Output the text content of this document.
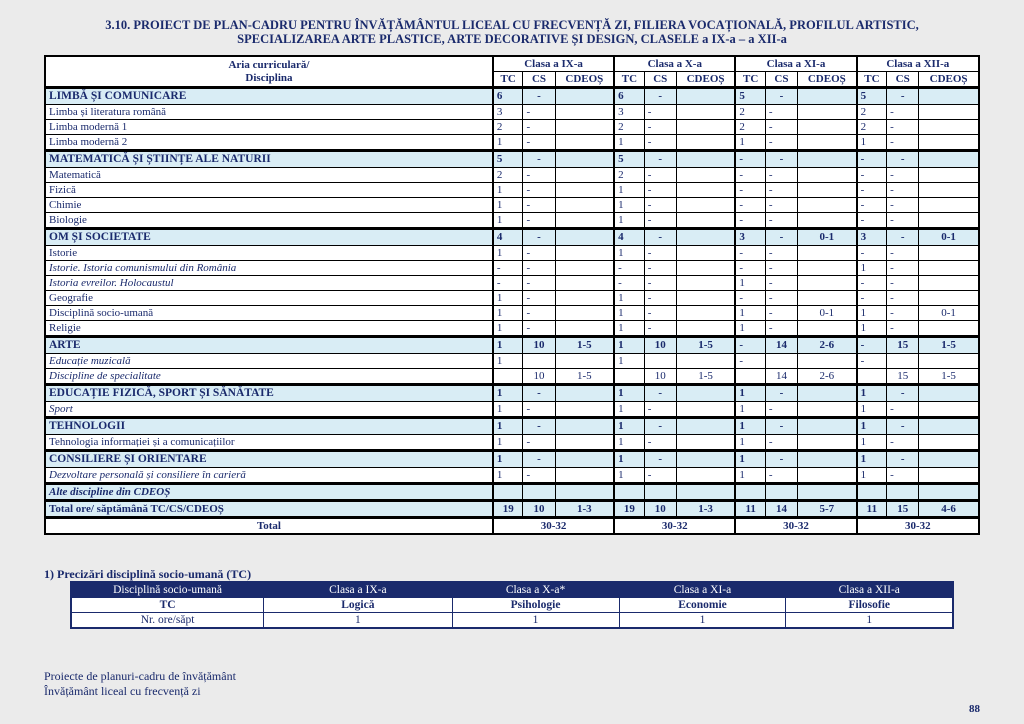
3.10. PROIECT DE PLAN-CADRU PENTRU ÎNVĂȚĂMÂNTUL LICEAL CU FRECVENȚĂ ZI, FILIERA VOCAȚIONALĂ, PROFILUL ARTISTIC,
SPECIALIZAREA ARTE PLASTICE, ARTE DECORATIVE ȘI DESIGN, CLASELE a IX-a – a XII-a
Aria curriculară/
Disciplina	Clasa a IX-a			Clasa a X-a			Clasa a XI-a			Clasa a XII-a		
	TC	CS	CDEOȘ	TC	CS	CDEOȘ	TC	CS	CDEOȘ	TC	CS	CDEOȘ
LIMBĂ ȘI COMUNICARE	6	-		6	-		5	-		5	-	
Limba și literatura română	3	-		3	-		2	-		2	-	
Limba modernă 1	2	-		2	-		2	-		2	-	
Limba modernă 2	1	-		1	-		1	-		1	-	
MATEMATICĂ ȘI ȘTIINȚE ALE NATURII	5	-		5	-		-	-		-	-	
Matematică	2	-		2	-		-	-		-	-	
Fizică	1	-		1	-		-	-		-	-	
Chimie	1	-		1	-		-	-		-	-	
Biologie	1	-		1	-		-	-		-	-	
OM ȘI SOCIETATE	4	-		4	-		3	-	0-1	3	-	0-1
Istorie	1	-		1	-		-	-		-	-	
Istorie. Istoria comunismului din România	-	-		-	-		-	-		1	-	
Istoria evreilor. Holocaustul	-	-		-	-		1	-		-	-	
Geografie	1	-		1	-		-	-		-	-	
Disciplină socio-umană	1	-		1	-		1	-	0-1	1	-	0-1
Religie	1	-		1	-		1	-		1	-	
ARTE	1	10	1-5	1	10	1-5	-	14	2-6	-	15	1-5
Educație muzicală	1			1			-			-		
Discipline de specialitate		10	1-5		10	1-5		14	2-6		15	1-5
EDUCAȚIE FIZICĂ, SPORT ȘI SĂNĂTATE	1	-		1	-		1	-		1	-	
Sport	1	-		1	-		1	-		1	-	
TEHNOLOGII	1	-		1	-		1	-		1	-	
Tehnologia informației și a comunicațiilor	1	-		1	-		1	-		1	-	
CONSILIERE ȘI ORIENTARE	1	-		1	-		1	-		1	-	
Dezvoltare personală și consiliere în carieră	1	-		1	-		1	-		1	-	
Alte discipline din CDEOȘ												
Total ore/ săptămână TC/CS/CDEOȘ	19	10	1-3	19	10	1-3	11	14	5-7	11	15	4-6
Total	30-32			30-32			30-32			30-32		
1) Precizări disciplină socio-umană (TC)
Disciplină socio-umană	Clasa a IX-a	Clasa a X-a*	Clasa a XI-a	Clasa a XII-a
TC	Logică	Psihologie	Economie	Filosofie
Nr. ore/săpt	1	1	1	1
Proiecte de planuri-cadru de învățământ
Învățământ liceal cu frecvență zi
88
